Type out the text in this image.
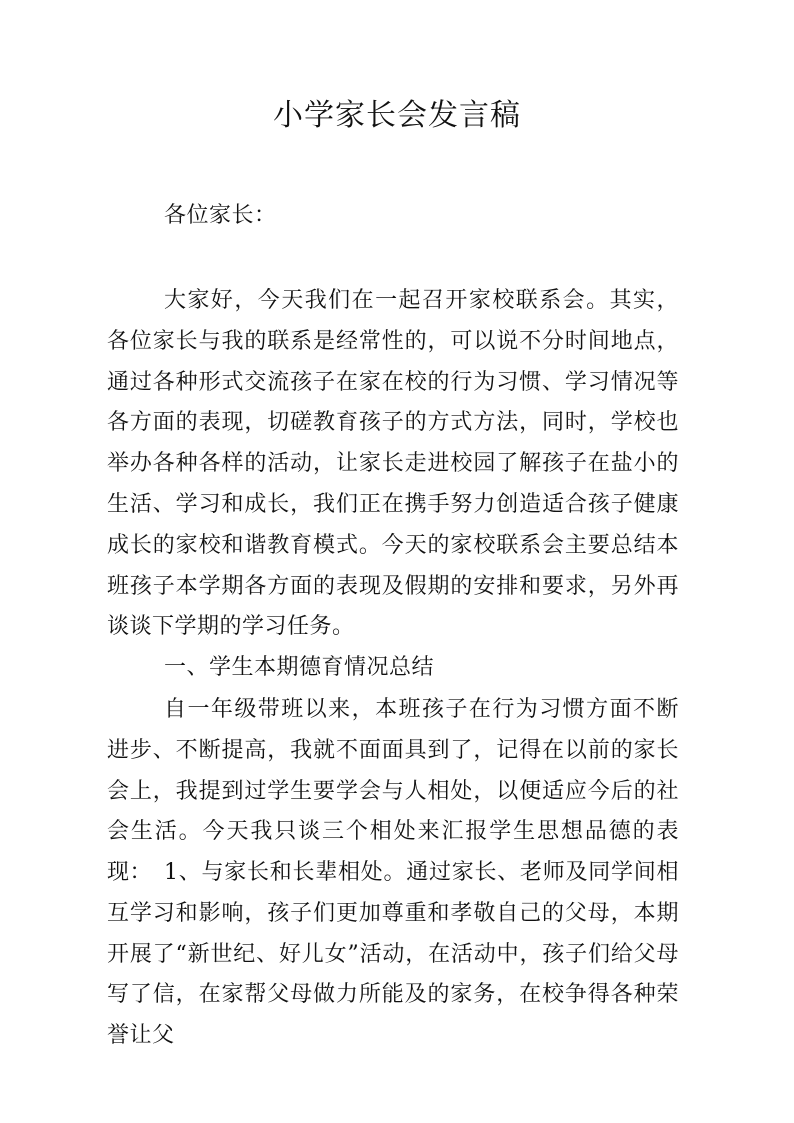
小学家长会发言稿

各位家长：

大家好，今天我们在一起召开家校联系会。其实，各位家长与我的联系是经常性的，可以说不分时间地点，通过各种形式交流孩子在家在校的行为习惯、学习情况等各方面的表现，切磋教育孩子的方式方法，同时，学校也举办各种各样的活动，让家长走进校园了解孩子在盐小的生活、学习和成长，我们正在携手努力创造适合孩子健康成长的家校和谐教育模式。今天的家校联系会主要总结本班孩子本学期各方面的表现及假期的安排和要求，另外再谈谈下学期的学习任务。

一、学生本期德育情况总结

自一年级带班以来，本班孩子在行为习惯方面不断进步、不断提高，我就不面面具到了，记得在以前的家长会上，我提到过学生要学会与人相处，以便适应今后的社会生活。今天我只谈三个相处来汇报学生思想品德的表现： 1、与家长和长辈相处。通过家长、老师及同学间相互学习和影响，孩子们更加尊重和孝敬自己的父母，本期开展了“新世纪、好儿女”活动，在活动中，孩子们给父母写了信，在家帮父母做力所能及的家务，在校争得各种荣誉让父
